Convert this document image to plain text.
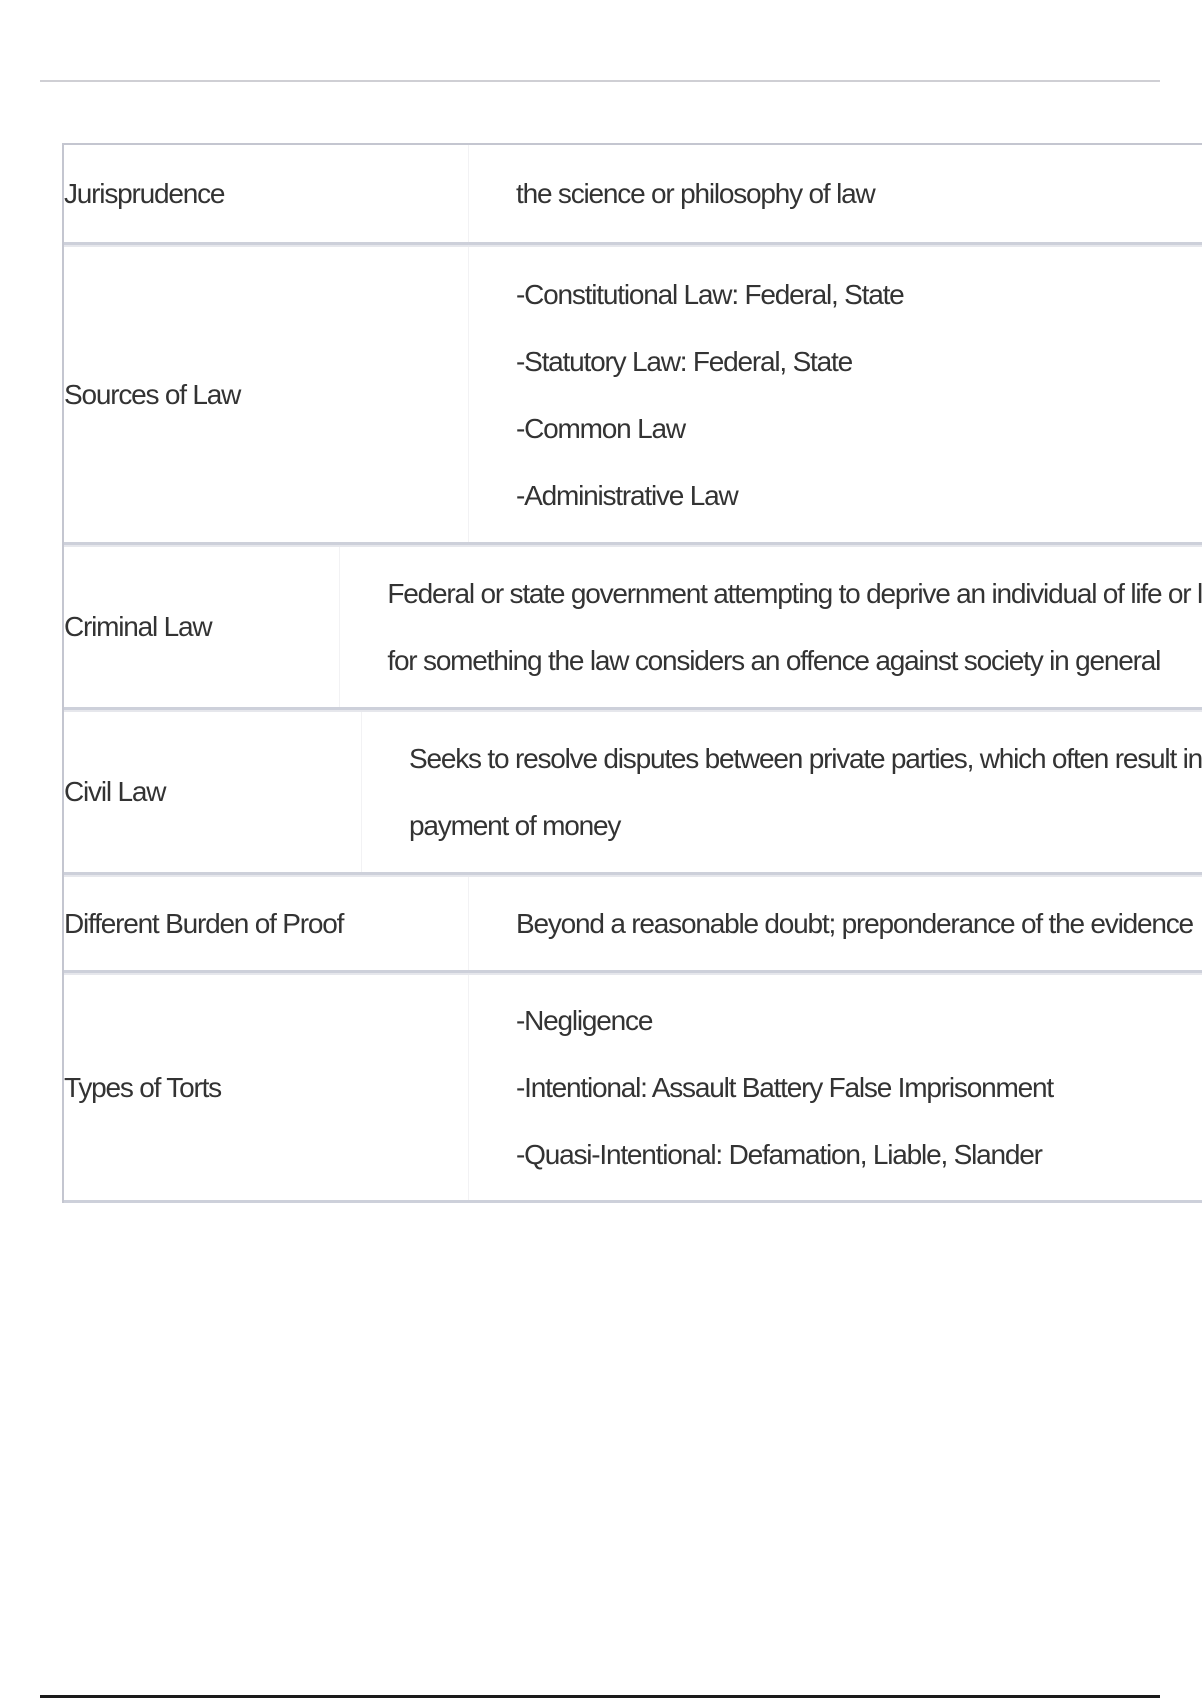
Jurisprudence	the science or philosophy of law
Sources of Law
-Constitutional Law: Federal, State
-Statutory Law: Federal, State
-Common Law
-Administrative Law
Criminal Law
Federal or state government attempting to deprive an individual of life or l
for something the law considers an offence against society in general
Civil Law
Seeks to resolve disputes between private parties, which often result in
payment of money
Different Burden of Proof	Beyond a reasonable doubt; preponderance of the evidence
Types of Torts
-Negligence
-Intentional: Assault Battery False Imprisonment
-Quasi-Intentional: Defamation, Liable, Slander
